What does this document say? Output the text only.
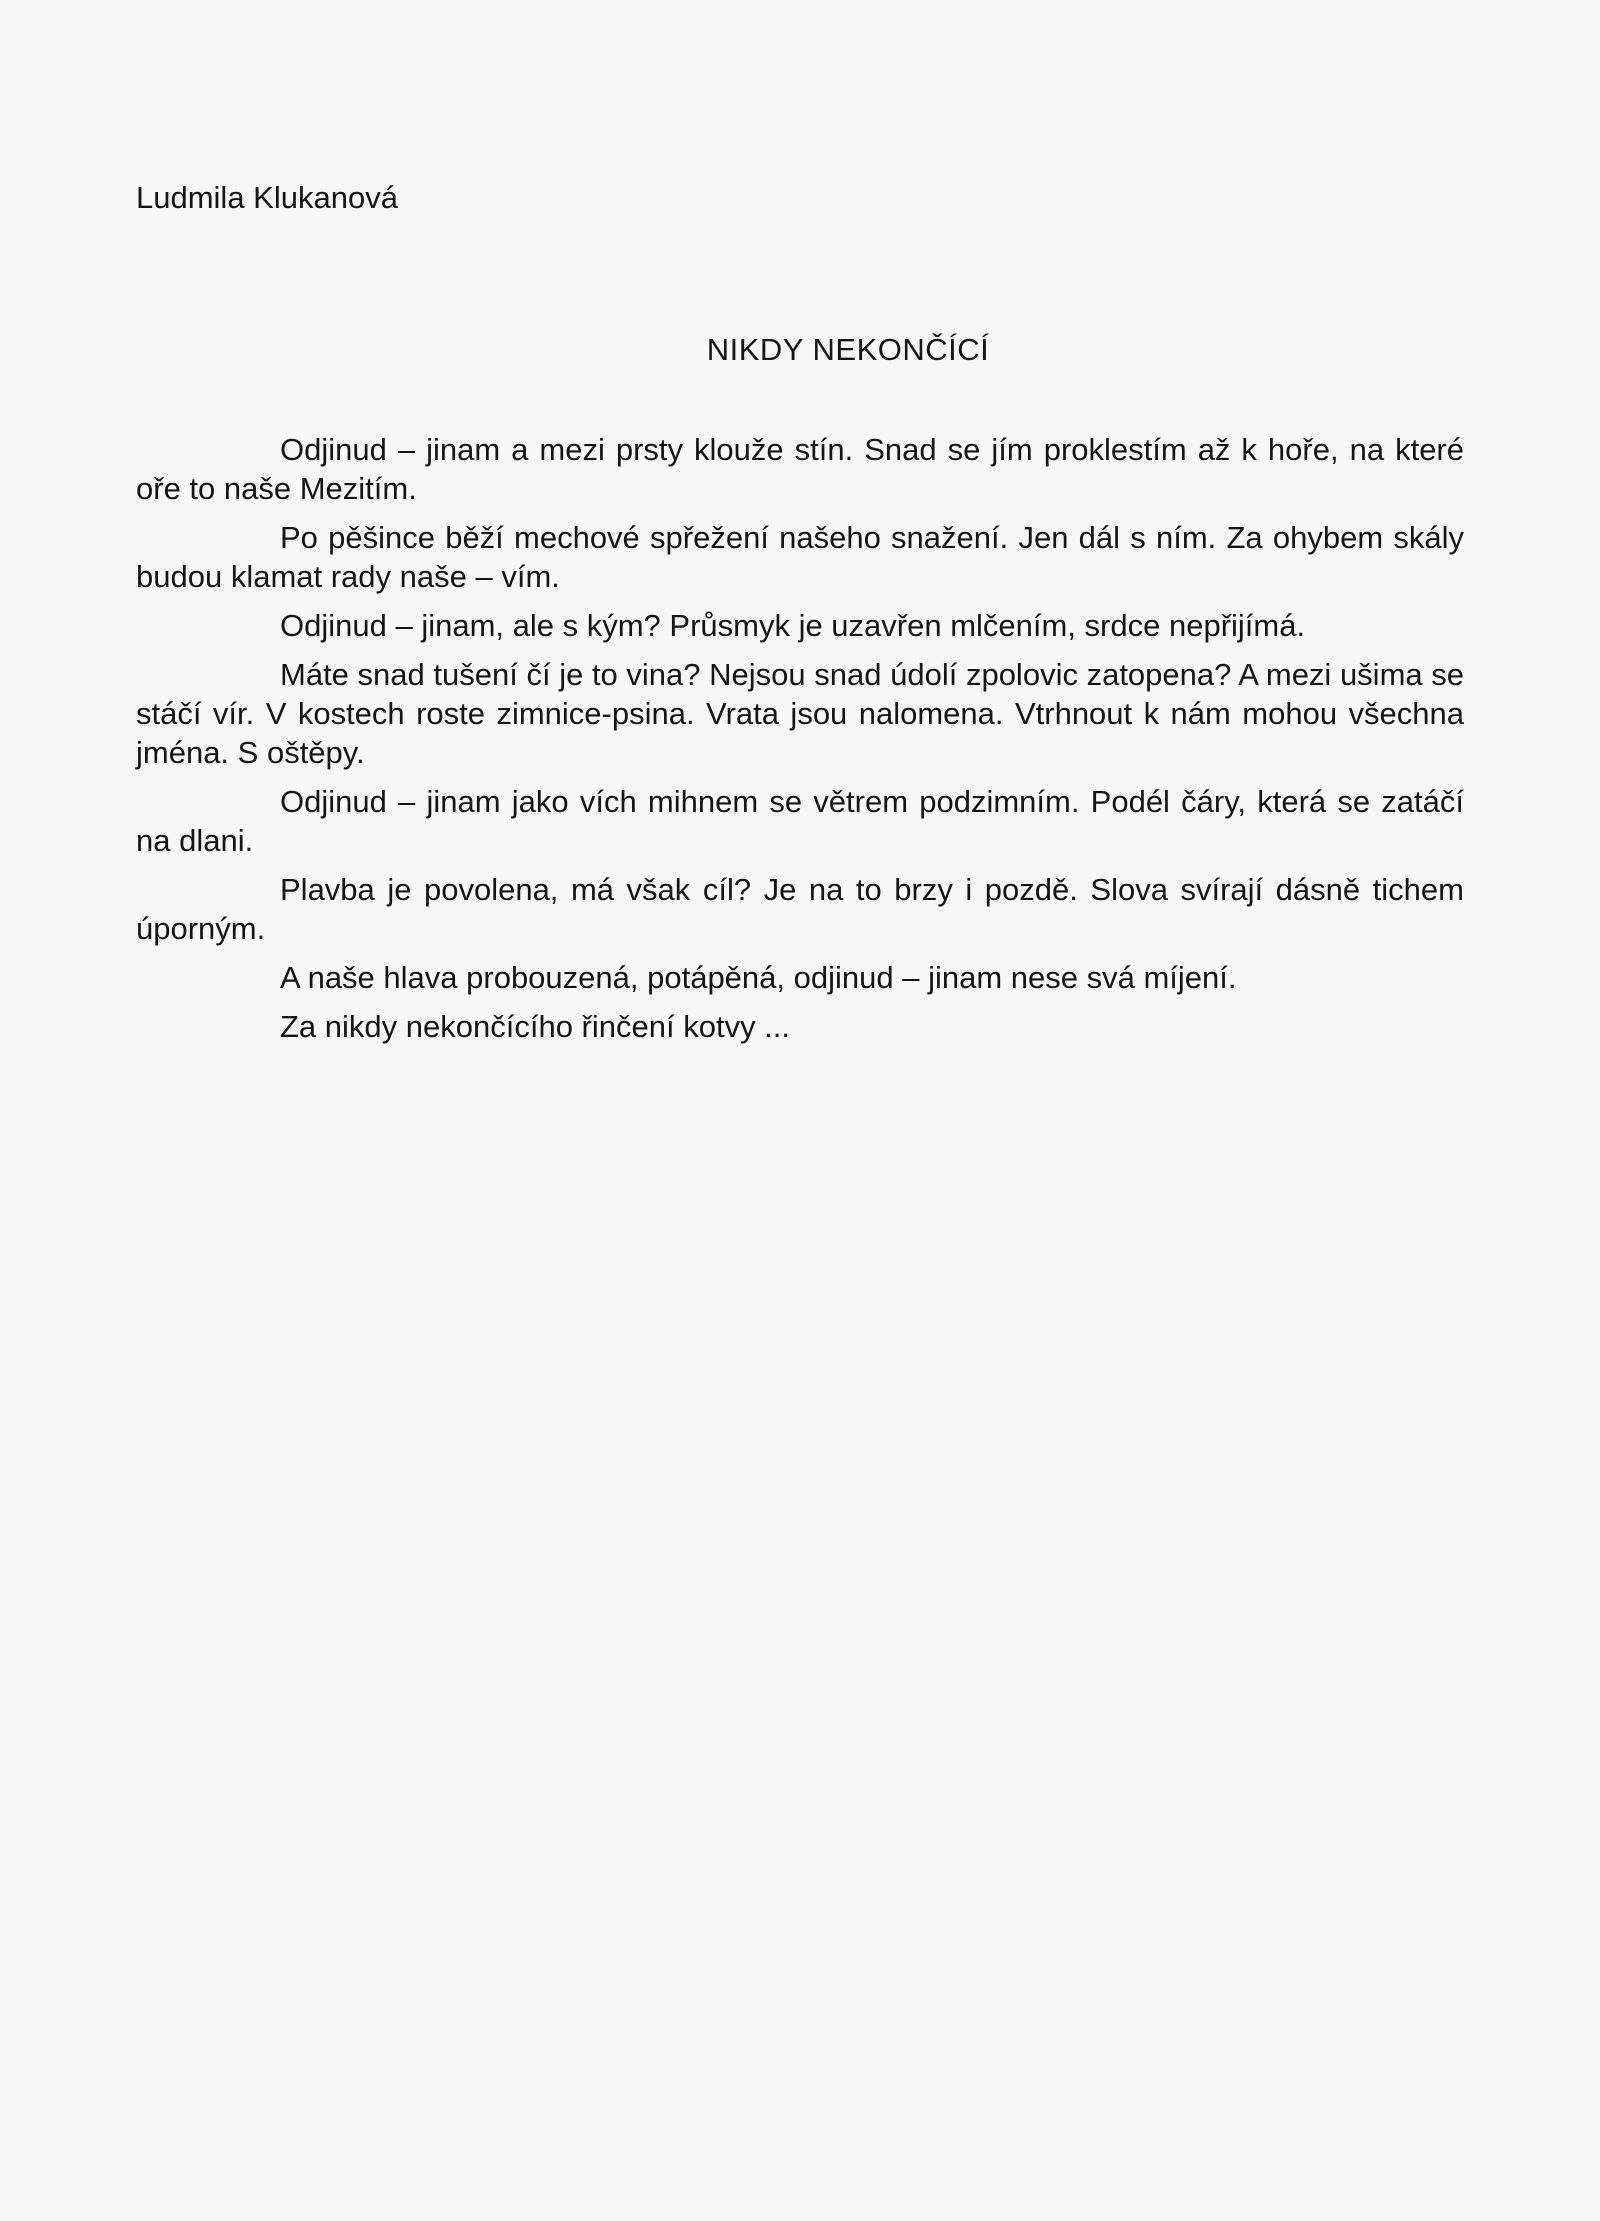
Ludmila Klukanová

NIKDY NEKONČÍCÍ

Odjinud – jinam a mezi prsty klouže stín. Snad se jím proklestím až k hoře, na které oře to naše Mezitím.

Po pěšince běží mechové spřežení našeho snažení. Jen dál s ním. Za ohybem skály budou klamat rady naše – vím.

Odjinud – jinam, ale s kým? Průsmyk je uzavřen mlčením, srdce nepřijímá.

Máte snad tušení čí je to vina? Nejsou snad údolí zpolovic zatopena? A mezi ušima se stáčí vír. V kostech roste zimnice-psina. Vrata jsou nalomena. Vtrhnout k nám mohou všechna jména. S oštěpy.

Odjinud – jinam jako vích mihnem se větrem podzimním. Podél čáry, která se zatáčí na dlani.

Plavba je povolena, má však cíl? Je na to brzy i pozdě. Slova svírají dásně tichem úporným.

A naše hlava probouzená, potápěná, odjinud – jinam nese svá míjení.

Za nikdy nekončícího řinčení kotvy ...
